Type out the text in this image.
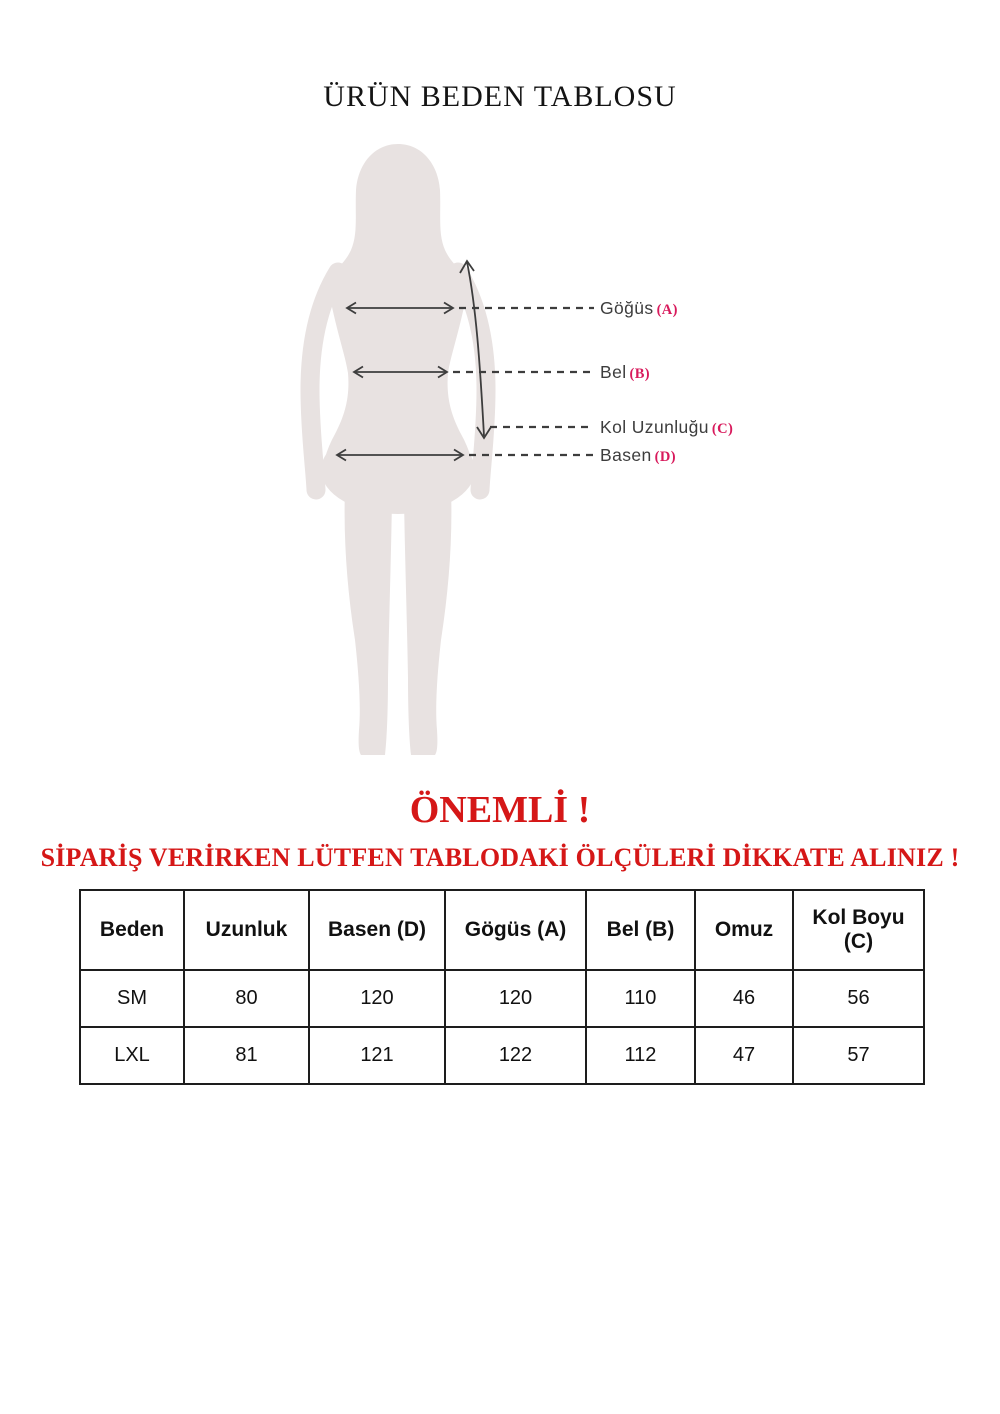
ÜRÜN BEDEN TABLOSU
Göğüs (A)
Bel (B)
Kol Uzunluğu (C)
Basen (D)
ÖNEMLİ !
SİPARİŞ VERİRKEN LÜTFEN TABLODAKİ ÖLÇÜLERİ DİKKATE ALINIZ !
Beden	Uzunluk	Basen (D)	Gögüs (A)	Bel (B)	Omuz	Kol Boyu (C)
SM	80	120	120	110	46	56
LXL	81	121	122	112	47	57
